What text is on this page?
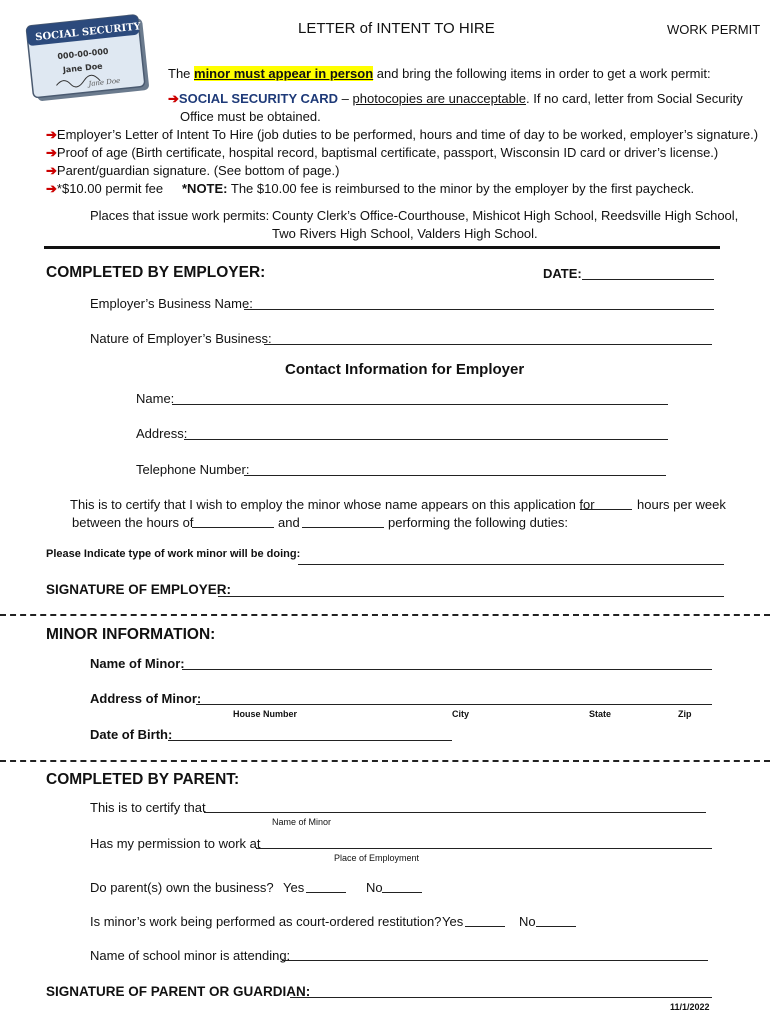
SOCIAL SECURITY
000-00-000
Jane Doe
Jane Doe
LETTER of INTENT TO HIRE	WORK PERMIT
The minor must appear in person and bring the following items in order to get a work permit:
➔SOCIAL SECURITY CARD – photocopies are unacceptable. If no card, letter from Social Security
Office must be obtained.
➔Employer’s Letter of Intent To Hire (job duties to be performed, hours and time of day to be worked, employer’s signature.)
➔Proof of age (Birth certificate, hospital record, baptismal certificate, passport, Wisconsin ID card or driver’s license.)
➔Parent/guardian signature. (See bottom of page.)
➔*$10.00 permit fee *NOTE: The $10.00 fee is reimbursed to the minor by the employer by the first paycheck.
Places that issue work permits: County Clerk’s Office-Courthouse, Mishicot High School, Reedsville High School,
Two Rivers High School, Valders High School.
COMPLETED BY EMPLOYER:	DATE:
Employer’s Business Name:
Nature of Employer’s Business:
Contact Information for Employer
Name:
Address:
Telephone Number:
This is to certify that I wish to employ the minor whose name appears on this application for	hours per week
between the hours of	and	performing the following duties:
Please Indicate type of work minor will be doing:
SIGNATURE OF EMPLOYER:
MINOR INFORMATION:
Name of Minor:
Address of Minor:
House Number	City	State	Zip
Date of Birth:
COMPLETED BY PARENT:
This is to certify that
Name of Minor
Has my permission to work at
Place of Employment
Do parent(s) own the business? Yes	No
Is minor’s work being performed as court-ordered restitution? Yes	No
Name of school minor is attending:
SIGNATURE OF PARENT OR GUARDIAN:
11/1/2022
